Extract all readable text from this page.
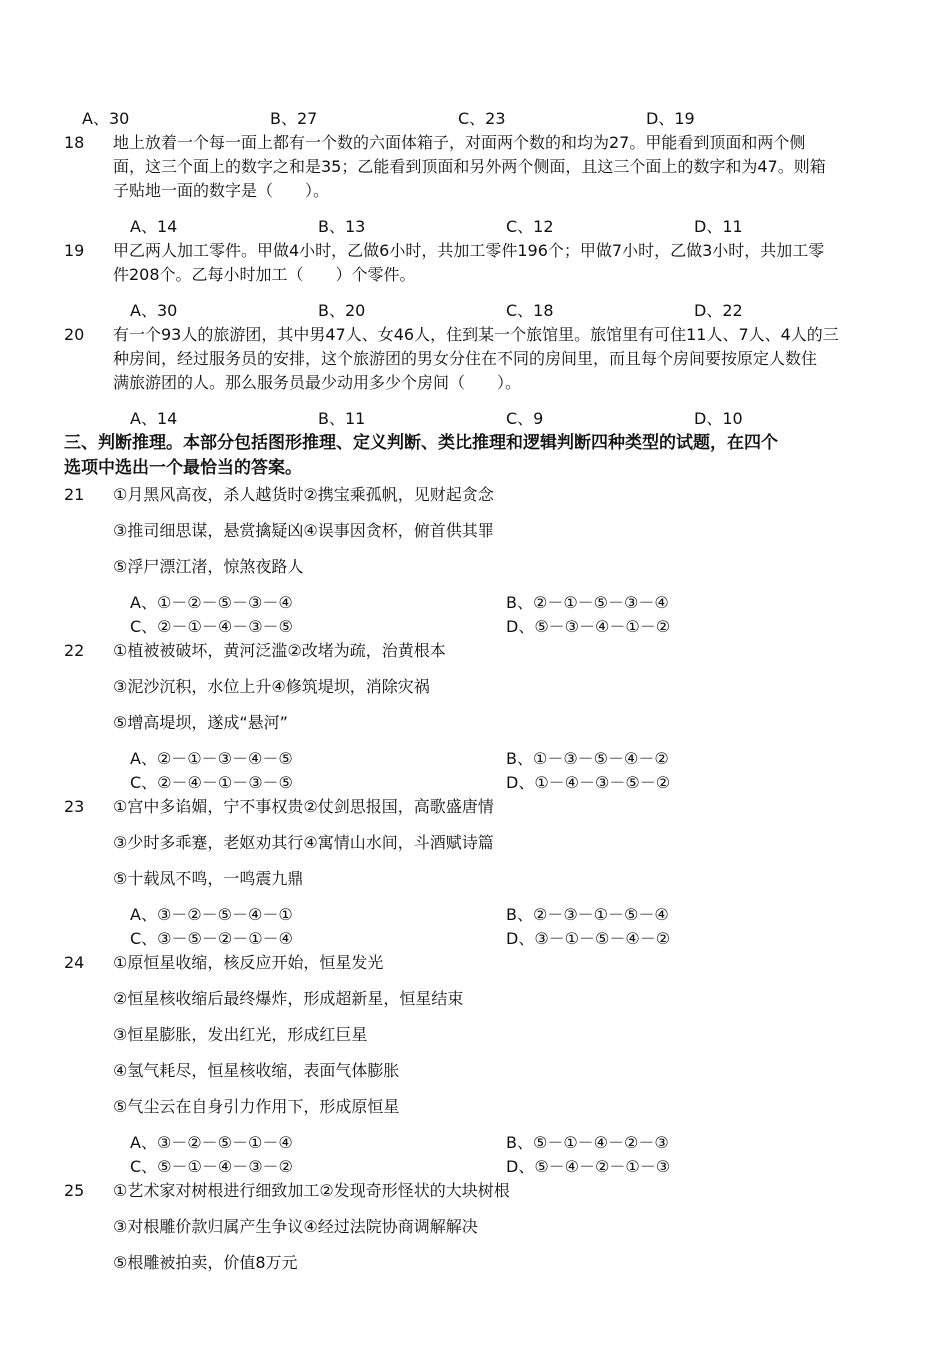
A、30	B、27	C、23	D、19
18 地上放着一个每一面上都有一个数的六面体箱子，对面两个数的和均为27。甲能看到顶面和两个侧
面，这三个面上的数字之和是35；乙能看到顶面和另外两个侧面，且这三个面上的数字和为47。则箱
子贴地一面的数字是（　　）。
A、14	B、13	C、12	D、11
19 甲乙两人加工零件。甲做4小时，乙做6小时，共加工零件196个；甲做7小时，乙做3小时，共加工零
件208个。乙每小时加工（　　）个零件。
A、30	B、20	C、18	D、22
20 有一个93人的旅游团，其中男47人、女46人，住到某一个旅馆里。旅馆里有可住11人、7人、4人的三
种房间，经过服务员的安排，这个旅游团的男女分住在不同的房间里，而且每个房间要按原定人数住
满旅游团的人。那么服务员最少动用多少个房间（　　）。
A、14	B、11	C、9	D、10
三、判断推理。本部分包括图形推理、定义判断、类比推理和逻辑判断四种类型的试题，在四个
选项中选出一个最恰当的答案。
21 ①月黑风高夜，杀人越货时②携宝乘孤帆，见财起贪念
③推司细思谋，悬赏擒疑凶④误事因贪杯，俯首供其罪
⑤浮尸漂江渚，惊煞夜路人
A、①－②－⑤－③－④	B、②－①－⑤－③－④
C、②－①－④－③－⑤	D、⑤－③－④－①－②
22 ①植被被破坏，黄河泛滥②改堵为疏，治黄根本
③泥沙沉积，水位上升④修筑堤坝，消除灾祸
⑤增高堤坝，遂成“悬河”
A、②－①－③－④－⑤	B、①－③－⑤－④－②
C、②－④－①－③－⑤	D、①－④－③－⑤－②
23 ①宫中多谄媚，宁不事权贵②仗剑思报国，高歌盛唐情
③少时多乖蹇，老妪劝其行④寓情山水间，斗酒赋诗篇
⑤十载凤不鸣，一鸣震九鼎
A、③－②－⑤－④－①	B、②－③－①－⑤－④
C、③－⑤－②－①－④	D、③－①－⑤－④－②
24 ①原恒星收缩，核反应开始，恒星发光
②恒星核收缩后最终爆炸，形成超新星，恒星结束
③恒星膨胀，发出红光，形成红巨星
④氢气耗尽，恒星核收缩，表面气体膨胀
⑤气尘云在自身引力作用下，形成原恒星
A、③－②－⑤－①－④	B、⑤－①－④－②－③
C、⑤－①－④－③－②	D、⑤－④－②－①－③
25 ①艺术家对树根进行细致加工②发现奇形怪状的大块树根
③对根雕价款归属产生争议④经过法院协商调解解决
⑤根雕被拍卖，价值8万元
